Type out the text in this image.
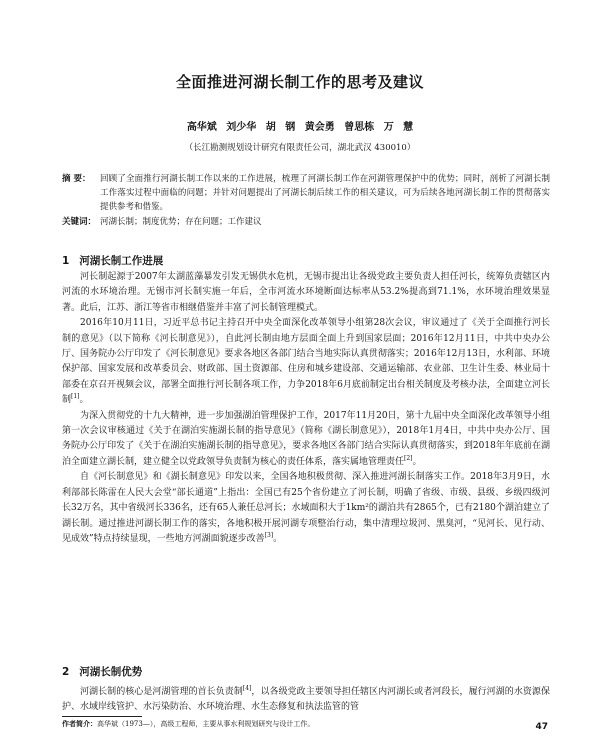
全面推进河湖长制工作的思考及建议
高华斌 刘少华 胡 钢 黄会勇 曾思栋 万 慧
（长江勘测规划设计研究有限责任公司，湖北武汉 430010）
摘 要： 回顾了全面推行河湖长制工作以来的工作进展，梳理了河湖长制工作在河湖管理保护中的优势；同时，剖析了河湖长制工作落实过程中面临的问题；并针对问题提出了河湖长制后续工作的相关建议，可为后续各地河湖长制工作的贯彻落实提供参考和借鉴。
关键词： 河湖长制；制度优势；存在问题；工作建议
1 河湖长制工作进展

河长制起源于2007年太湖蓝藻暴发引发无锡供水危机，无锡市提出让各级党政主要负责人担任河长，统筹负责辖区内河流的水环境治理。无锡市河长制实施一年后，全市河流水环境断面达标率从53.2%提高到71.1%，水环境治理效果显著。此后，江苏、浙江等省市相继借鉴并丰富了河长制管理模式。

2016年10月11日，习近平总书记主持召开中央全面深化改革领导小组第28次会议，审议通过了《关于全面推行河长制的意见》（以下简称《河长制意见》），自此河长制由地方层面全面上升到国家层面；2016年12月11日，中共中央办公厅、国务院办公厅印发了《河长制意见》要求各地区各部门结合当地实际认真贯彻落实；2016年12月13日，水利部、环境保护部、国家发展和改革委员会、财政部、国土资源部、住房和城乡建设部、交通运输部、农业部、卫生计生委、林业局十部委在京召开视频会议，部署全面推行河长制各项工作，力争2018年6月底前制定出台相关制度及考核办法，全面建立河长制[1]。

为深入贯彻党的十九大精神，进一步加强湖泊管理保护工作，2017年11月20日，第十九届中央全面深化改革领导小组第一次会议审核通过《关于在湖泊实施湖长制的指导意见》（简称《湖长制意见》），2018年1月4日，中共中央办公厅、国务院办公厅印发了《关于在湖泊实施湖长制的指导意见》，要求各地区各部门结合实际认真贯彻落实，到2018年年底前在湖泊全面建立湖长制，建立健全以党政领导负责制为核心的责任体系，落实属地管理责任[2]。

自《河长制意见》和《湖长制意见》印发以来，全国各地积极贯彻、深入推进河湖长制落实工作。2018年3月9日，水利部部长陈雷在人民大会堂“部长通道”上指出：全国已有25个省份建立了河长制，明确了省级、市级、县级、乡级四级河长32万名，其中省级河长336名，还有65人兼任总河长；水域面积大于1km²的湖泊共有2865个，已有2180个湖泊建立了湖长制。通过推进河湖长制工作的落实，各地积极开展河湖专项整治行动，集中清理垃圾河、黑臭河，“见河长、见行动、见成效”特点持续显现，一些地方河湖面貌逐步改善[3]。

2 河湖长制优势

河湖长制的核心是河湖管理的首长负责制[4]，以各级党政主要领导担任辖区内河湖长或者河段长，履行河湖的水资源保护、水域岸线管护、水污染防治、水环境治理、水生态修复和执法监管的管

作者简介：高华斌（1973—），高级工程师，主要从事水利规划研究与设计工作。	47
